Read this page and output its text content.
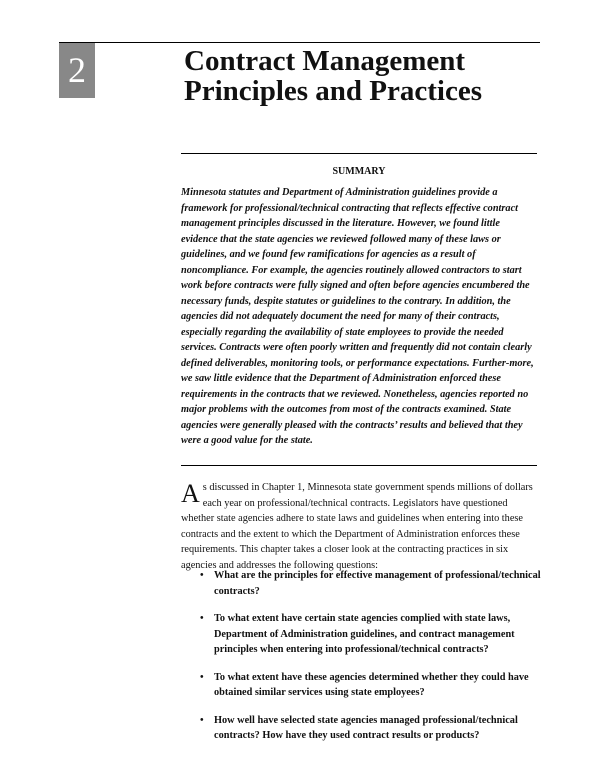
2	Contract Management
Principles and Practices
SUMMARY

Minnesota statutes and Department of Administration guidelines provide a framework for professional/technical contracting that reflects effective contract management principles discussed in the literature. However, we found little evidence that the state agencies we reviewed followed many of these laws or guidelines, and we found few ramifications for agencies as a result of noncompliance. For example, the agencies routinely allowed contractors to start work before contracts were fully signed and often before agencies encumbered the necessary funds, despite statutes or guidelines to the contrary. In addition, the agencies did not adequately document the need for many of their contracts, especially regarding the availability of state employees to provide the needed services. Contracts were often poorly written and frequently did not contain clearly defined deliverables, monitoring tools, or performance expectations. Further-more, we saw little evidence that the Department of Administration enforced these requirements in the contracts that we reviewed. Nonetheless, agencies reported no major problems with the outcomes from most of the contracts examined. State agencies were generally pleased with the contracts’ results and believed that they were a good value for the state.

As discussed in Chapter 1, Minnesota state government spends millions of dollars each year on professional/technical contracts. Legislators have questioned whether state agencies adhere to state laws and guidelines when entering into these contracts and the extent to which the Department of Administration enforces these requirements. This chapter takes a closer look at the contracting practices in six agencies and addresses the following questions:

• What are the principles for effective management of professional/technical contracts?
• To what extent have certain state agencies complied with state laws, Department of Administration guidelines, and contract management principles when entering into professional/technical contracts?
• To what extent have these agencies determined whether they could have obtained similar services using state employees?
• How well have selected state agencies managed professional/technical contracts? How have they used contract results or products?
